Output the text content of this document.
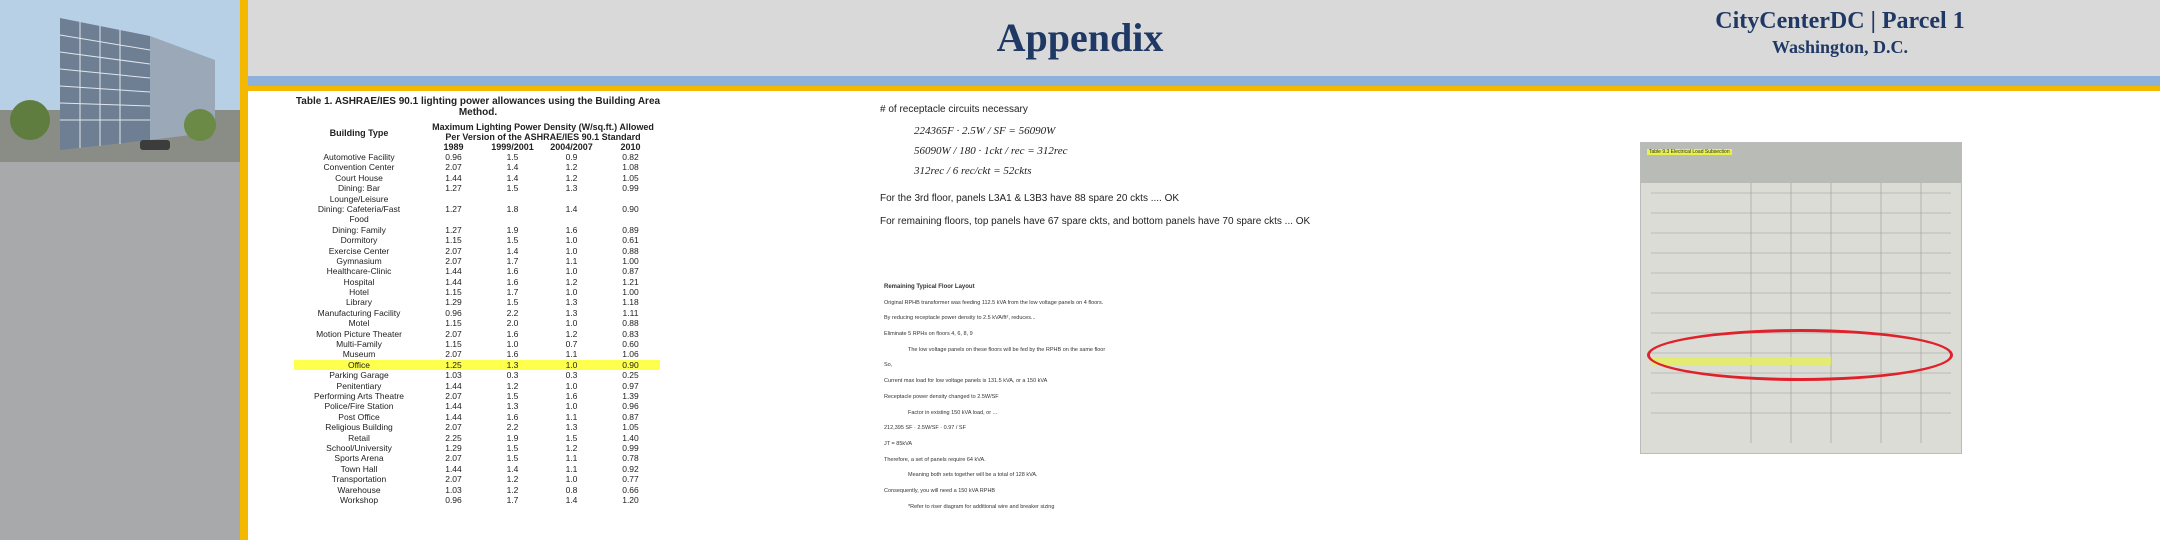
Appendix	CityCenterDC | Parcel 1
Washington, D.C.
Table 1. ASHRAE/IES 90.1 lighting power allowances using the Building Area Method.
Building Type
Maximum Lighting Power Density (W/sq.ft.) Allowed Per Version of the ASHRAE/IES 90.1 Standard
1989	1999/2001	2004/2007	2010
Automotive Facility	0.96	1.5	0.9	0.82
Convention Center	2.07	1.4	1.2	1.08
Court House	1.44	1.4	1.2	1.05
Dining: Bar	1.27	1.5	1.3	0.99
Lounge/Leisure
Dining: Cafeteria/Fast	1.27	1.8	1.4	0.90
Food
Dining: Family	1.27	1.9	1.6	0.89
Dormitory	1.15	1.5	1.0	0.61
Exercise Center	2.07	1.4	1.0	0.88
Gymnasium	2.07	1.7	1.1	1.00
Healthcare-Clinic	1.44	1.6	1.0	0.87
Hospital	1.44	1.6	1.2	1.21
Hotel	1.15	1.7	1.0	1.00
Library	1.29	1.5	1.3	1.18
Manufacturing Facility	0.96	2.2	1.3	1.11
Motel	1.15	2.0	1.0	0.88
Motion Picture Theater	2.07	1.6	1.2	0.83
Multi-Family	1.15	1.0	0.7	0.60
Museum	2.07	1.6	1.1	1.06
Office	1.25	1.3	1.0	0.90
Parking Garage	1.03	0.3	0.3	0.25
Penitentiary	1.44	1.2	1.0	0.97
Performing Arts Theatre	2.07	1.5	1.6	1.39
Police/Fire Station	1.44	1.3	1.0	0.96
Post Office	1.44	1.6	1.1	0.87
Religious Building	2.07	2.2	1.3	1.05
Retail	2.25	1.9	1.5	1.40
School/University	1.29	1.5	1.2	0.99
Sports Arena	2.07	1.5	1.1	0.78
Town Hall	1.44	1.4	1.1	0.92
Transportation	2.07	1.2	1.0	0.77
Warehouse	1.03	1.2	0.8	0.66
Workshop	0.96	1.7	1.4	1.20
# of receptacle circuits necessary
224365F · 2.5W / SF = 56090W
56090W / 180 · 1ckt / rec = 312rec
312rec / 6 rec/ckt = 52ckts
For the 3rd floor, panels L3A1 & L3B3 have 88 spare 20 ckts .... OK
For remaining floors, top panels have 67 spare ckts, and bottom panels have 70 spare ckts ... OK
Remaining Typical Floor Layout
Original RPHB transformer was feeding 112.5 kVA from the low voltage panels on 4 floors.
By reducing receptacle power density to 2.5 kVA/ft², reduces...
Eliminate 5 RPHs on floors 4, 6, 8, 9
The low voltage panels on these floors will be fed by the RPHB on the same floor
So,
Current max load for low voltage panels is 131.5 kVA, or a 150 kVA
Receptacle power density changed to 2.5W/SF
Factor in existing 150 kVA load, or ...
212,395 SF · 2.5W/SF · 0.97 / SF
JT = 85kVA
Therefore, a set of panels require 64 kVA.
Meaning both sets together will be a total of 128 kVA.
Consequently, you will need a 150 kVA RPHB
*Refer to riser diagram for additional wire and breaker sizing
Table 9.3 Electrical Load Subsection
